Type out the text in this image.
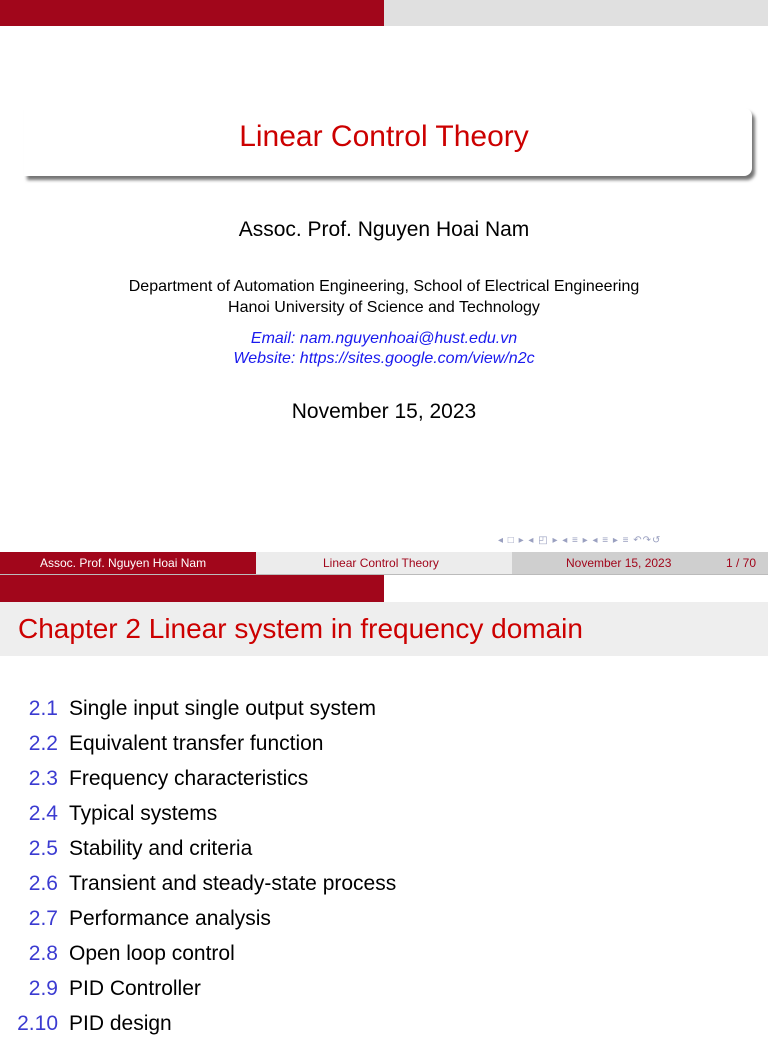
Linear Control Theory
Assoc. Prof. Nguyen Hoai Nam
Department of Automation Engineering, School of Electrical Engineering
Hanoi University of Science and Technology
Email: nam.nguyenhoai@hust.edu.vn
Website: https://sites.google.com/view/n2c
November 15, 2023
◂ □ ▸ ◂ ◰ ▸ ◂ ≡ ▸ ◂ ≡ ▸ ≡ ↶↷↺
Assoc. Prof. Nguyen Hoai Nam	Linear Control Theory	November 15, 2023	1 / 70
Chapter 2 Linear system in frequency domain
2.1 Single input single output system
2.2 Equivalent transfer function
2.3 Frequency characteristics
2.4 Typical systems
2.5 Stability and criteria
2.6 Transient and steady-state process
2.7 Performance analysis
2.8 Open loop control
2.9 PID Controller
2.10 PID design
